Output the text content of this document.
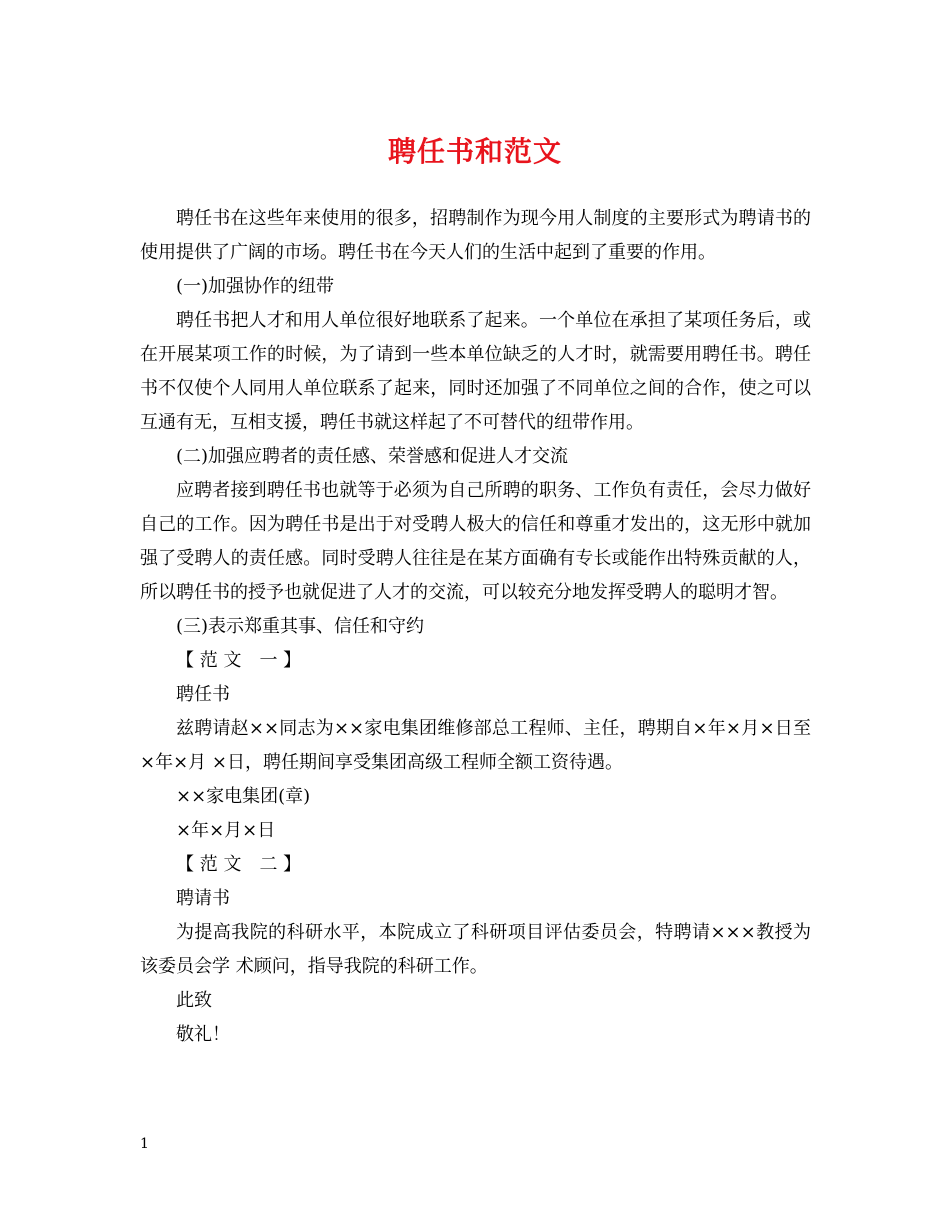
聘任书和范文

聘任书在这些年来使用的很多，招聘制作为现今用人制度的主要形式为聘请书的使用提供了广阔的市场。聘任书在今天人们的生活中起到了重要的作用。

(一)加强协作的纽带

聘任书把人才和用人单位很好地联系了起来。一个单位在承担了某项任务后，或在开展某项工作的时候，为了请到一些本单位缺乏的人才时，就需要用聘任书。聘任书不仅使个人同用人单位联系了起来，同时还加强了不同单位之间的合作，使之可以互通有无，互相支援，聘任书就这样起了不可替代的纽带作用。

(二)加强应聘者的责任感、荣誉感和促进人才交流

应聘者接到聘任书也就等于必须为自己所聘的职务、工作负有责任，会尽力做好自己的工作。因为聘任书是出于对受聘人极大的信任和尊重才发出的，这无形中就加强了受聘人的责任感。同时受聘人往往是在某方面确有专长或能作出特殊贡献的人，所以聘任书的授予也就促进了人才的交流，可以较充分地发挥受聘人的聪明才智。

(三)表示郑重其事、信任和守约

【 范 文　一 】

聘任书

兹聘请赵××同志为××家电集团维修部总工程师、主任，聘期自×年×月×日至×年×月 ×日，聘任期间享受集团高级工程师全额工资待遇。

××家电集团(章)

×年×月×日

【 范 文　二 】

聘请书

为提高我院的科研水平，本院成立了科研项目评估委员会，特聘请×××教授为该委员会学 术顾问，指导我院的科研工作。

此致

敬礼！

1
